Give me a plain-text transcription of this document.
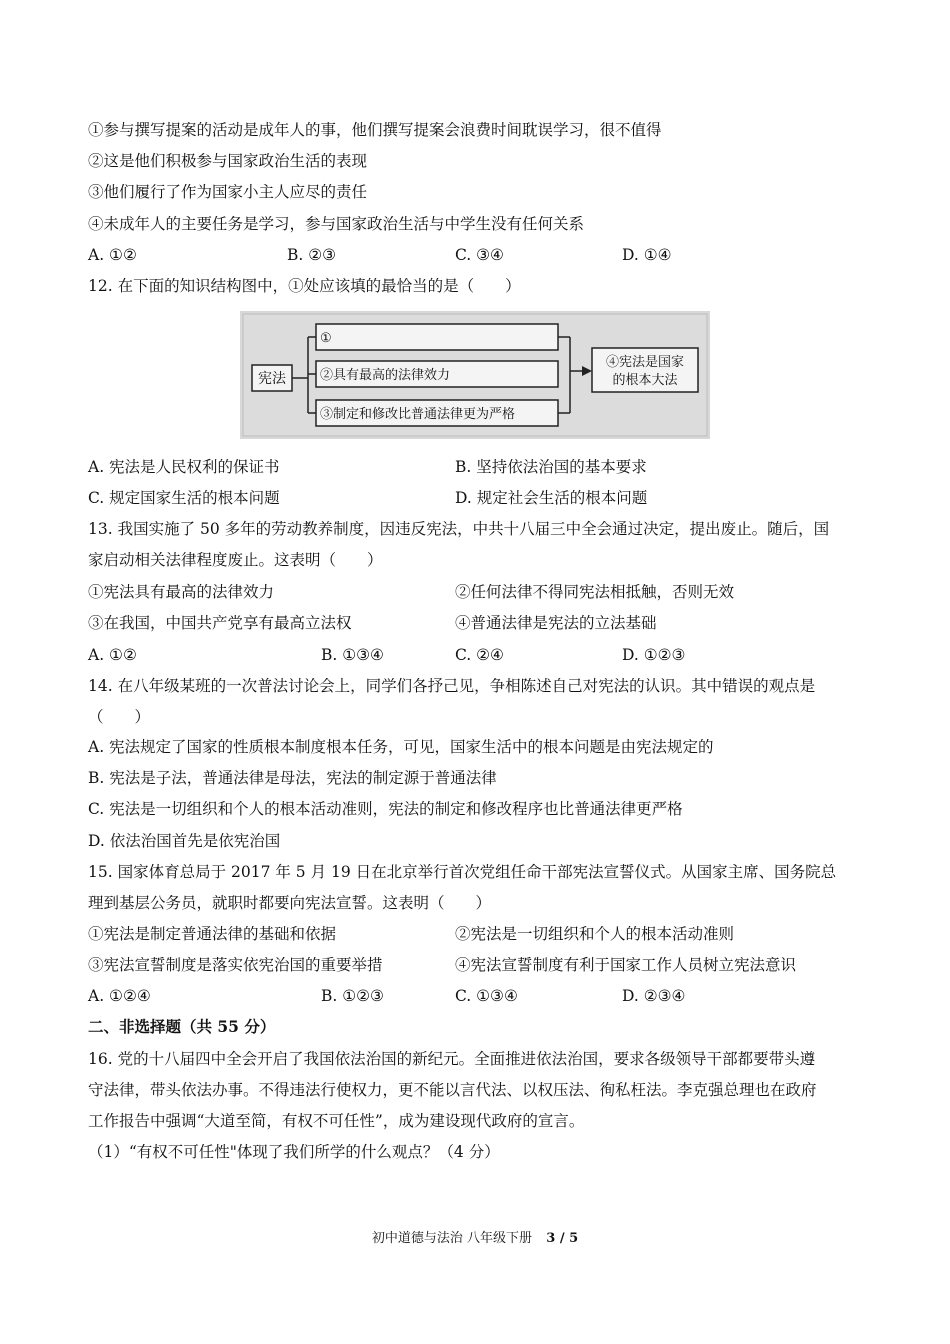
①参与撰写提案的活动是成年人的事，他们撰写提案会浪费时间耽误学习，很不值得
②这是他们积极参与国家政治生活的表现
③他们履行了作为国家小主人应尽的责任
④未成年人的主要任务是学习，参与国家政治生活与中学生没有任何关系
A. ①②	B. ②③	C. ③④	D. ①④
12. 在下面的知识结构图中，①处应该填的最恰当的是（　　）
宪法
①
②具有最高的法律效力
③制定和修改比普通法律更为严格
④宪法是国家
的根本大法
A. 宪法是人民权利的保证书	B. 坚持依法治国的基本要求
C. 规定国家生活的根本问题	D. 规定社会生活的根本问题
13. 我国实施了 50 多年的劳动教养制度，因违反宪法，中共十八届三中全会通过决定，提出废止。随后，国
家启动相关法律程度废止。这表明（　　）
①宪法具有最高的法律效力	②任何法律不得同宪法相抵触，否则无效
③在我国，中国共产党享有最高立法权	④普通法律是宪法的立法基础
A. ①②	B. ①③④	C. ②④	D. ①②③
14. 在八年级某班的一次普法讨论会上，同学们各抒己见，争相陈述自己对宪法的认识。其中错误的观点是
（　　）
A. 宪法规定了国家的性质根本制度根本任务，可见，国家生活中的根本问题是由宪法规定的
B. 宪法是子法，普通法律是母法，宪法的制定源于普通法律
C. 宪法是一切组织和个人的根本活动准则，宪法的制定和修改程序也比普通法律更严格
D. 依法治国首先是依宪治国
15. 国家体育总局于 2017 年 5 月 19 日在北京举行首次党组任命干部宪法宣誓仪式。从国家主席、国务院总
理到基层公务员，就职时都要向宪法宣誓。这表明（　　）
①宪法是制定普通法律的基础和依据	②宪法是一切组织和个人的根本活动准则
③宪法宣誓制度是落实依宪治国的重要举措	④宪法宣誓制度有利于国家工作人员树立宪法意识
A. ①②④	B. ①②③	C. ①③④	D. ②③④
二、非选择题（共 55 分）
16. 党的十八届四中全会开启了我国依法治国的新纪元。全面推进依法治国，要求各级领导干部都要带头遵
守法律，带头依法办事。不得违法行使权力，更不能以言代法、以权压法、徇私枉法。李克强总理也在政府
工作报告中强调“大道至简，有权不可任性”，成为建设现代政府的宣言。
（1）“有权不可任性"体现了我们所学的什么观点？（4 分）
初中道德与法治 八年级下册 3 / 5
